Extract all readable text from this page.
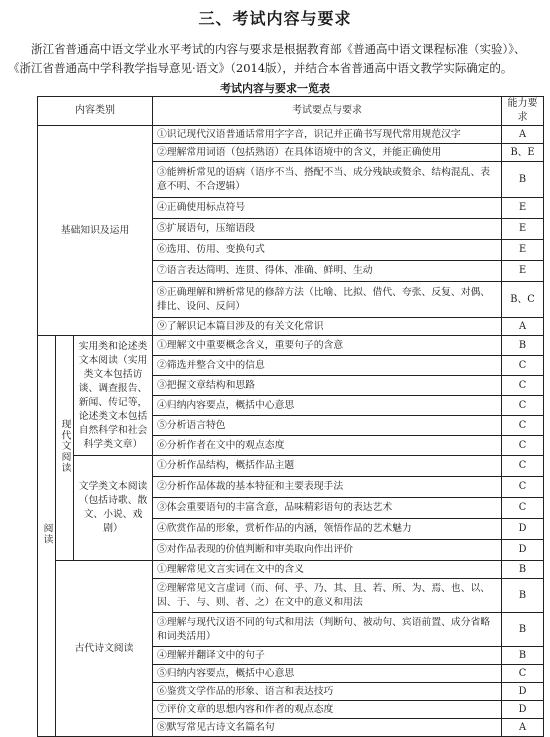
三、考试内容与要求

浙江省普通高中语文学业水平考试的内容与要求是根据教育部《普通高中语文课程标准（实验）》、

《浙江省普通高中学科教学指导意见·语文》（2014版），并结合本省普通高中语文教学实际确定的。
考试内容与要求一览表
内容类别			考试要点与要求	能力要求
基础知识及运用			①识记现代汉语普通话常用字字音，识记并正确书写现代常用规范汉字	A
			②理解常用词语（包括熟语）在具体语境中的含义，并能正确使用	B、E
			③能辨析常见的语病（语序不当、搭配不当、成分残缺或赘余、结构混乱、表意不明、不合逻辑）	B
			④正确使用标点符号	E
			⑤扩展语句，压缩语段	E
			⑥选用、仿用、变换句式	E
			⑦语言表达简明、连贯、得体、准确、鲜明、生动	E
			⑧正确理解和辨析常见的修辞方法（比喻、比拟、借代、夸张、反复、对偶、排比、设问、反问）	B、C
			⑨了解识记本篇目涉及的有关文化常识	A
阅读	现代文阅读	实用类和论述类文本阅读（实用类文本包括访谈、调查报告、新闻、传记等，论述类文本包括自然科学和社会科学类文章）	①理解文中重要概念含义，重要句子的含意	B
			②筛选并整合文中的信息	C
			③把握文章结构和思路	C
			④归纳内容要点，概括中心意思	C
			⑤分析语言特色	C
			⑥分析作者在文中的观点态度	C
		文学类文本阅读（包括诗歌、散文、小说、戏剧）	①分析作品结构，概括作品主题	C
			②分析作品体裁的基本特征和主要表现手法	C
			③体会重要语句的丰富含意，品味精彩语句的表达艺术	C
			④欣赏作品的形象，赏析作品的内涵，领悟作品的艺术魅力	D
			⑤对作品表现的价值判断和审美取向作出评价	D
	古代诗文阅读		①理解常见文言实词在文中的含义	B
			②理解常见文言虚词（而、何、乎、乃、其、且、若、所、为、焉、也、以、因、于、与、则、者、之）在文中的意义和用法	B
			③理解与现代汉语不同的句式和用法（判断句、被动句、宾语前置、成分省略和词类活用）	B
			④理解并翻译文中的句子	B
			⑤归纳内容要点，概括中心意思	C
			⑥鉴赏文学作品的形象、语言和表达技巧	D
			⑦评价文章的思想内容和作者的观点态度	D
			⑧默写常见古诗文名篇名句	A
